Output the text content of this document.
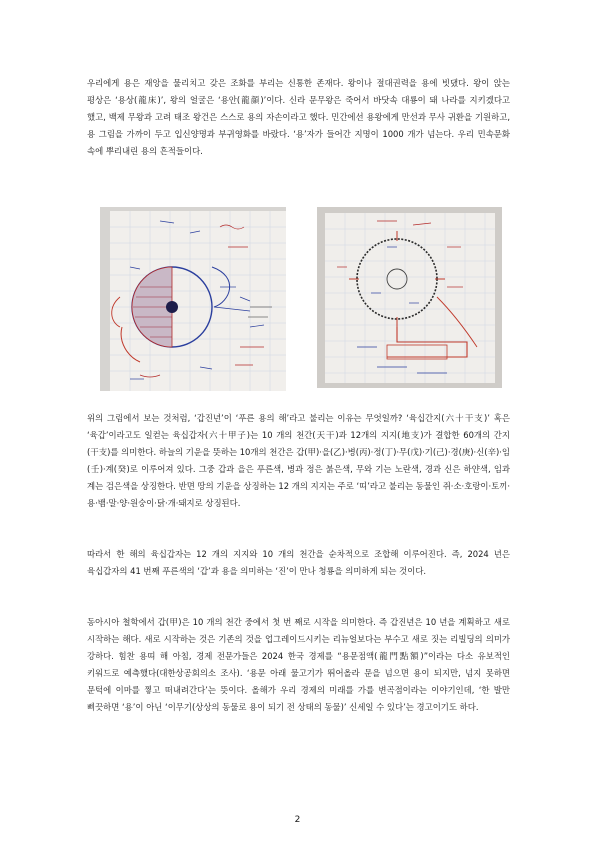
우리에게 용은 재앙을 물리치고 갖은 조화를 부리는 신통한 존재다. 왕이나 절대권력을 용에 빗댔다. 왕이 앉는 평상은 ‘용상(龍床)’, 왕의 얼굴은 ‘용안(龍顔)’이다. 신라 문무왕은 죽어서 바닷속 대룡이 돼 나라를 지키겠다고 했고, 백제 무왕과 고려 태조 왕건은 스스로 용의 자손이라고 했다. 민간에선 용왕에게 만선과 무사 귀환을 기원하고, 용 그림을 가까이 두고 입신양명과 부귀영화를 바랐다. ‘용’자가 들어간 지명이 1000 개가 넘는다. 우리 민속문화 속에 뿌리내린 용의 흔적들이다.

위의 그림에서 보는 것처럼, ‘갑진년’이 ‘푸른 용의 해’라고 불리는 이유는 무엇일까? ‘육십간지(六十干支)’ 혹은 ‘육갑’이라고도 일컫는 육십갑자(六十甲子)는 10 개의 천간(天干)과 12개의 지지(地支)가 결합한 60개의 간지(干支)를 의미한다. 하늘의 기운을 뜻하는 10개의 천간은 갑(甲)·을(乙)·병(丙)·정(丁)·무(戊)·기(己)·경(庚)·신(辛)·임(壬)·계(癸)로 이루어져 있다. 그중 갑과 을은 푸른색, 병과 정은 붉은색, 무와 기는 노란색, 경과 신은 하얀색, 임과 계는 검은색을 상징한다. 반면 땅의 기운을 상징하는 12 개의 지지는 주로 ‘띠’라고 불리는 동물인 쥐·소·호랑이·토끼·용·뱀·말·양·원숭이·닭·개·돼지로 상징된다.

따라서 한 해의 육십갑자는 12 개의 지지와 10 개의 천간을 순차적으로 조합해 이루어진다. 즉, 2024 년은 육십갑자의 41 번째 푸른색의 ‘갑’과 용을 의미하는 ‘진’이 만나 청룡을 의미하게 되는 것이다.

동아시아 철학에서 갑(甲)은 10 개의 천간 중에서 첫 번 째로 시작을 의미한다. 즉 갑진년은 10 년을 계획하고 새로 시작하는 해다. 새로 시작하는 것은 기존의 것을 업그레이드시키는 리뉴얼보다는 부수고 새로 짓는 리빌딩의 의미가 강하다. 힘찬 용띠 해 아침, 경제 전문가들은 2024 한국 경제를 “용문점액(龍門點額)”이라는 다소 유보적인 키워드로 예측했다(대한상공회의소 조사). ‘용문 아래 물고기가 뛰어올라 문을 넘으면 용이 되지만, 넘지 못하면 문턱에 이마를 찧고 떠내려간다’는 뜻이다. 올해가 우리 경제의 미래를 가를 변곡점이라는 이야기인데, ‘한 발만 삐끗하면 ‘용’이 아닌 ‘이무기(상상의 동물로 용이 되기 전 상태의 동물)’ 신세일 수 있다’는 경고이기도 하다.

2
